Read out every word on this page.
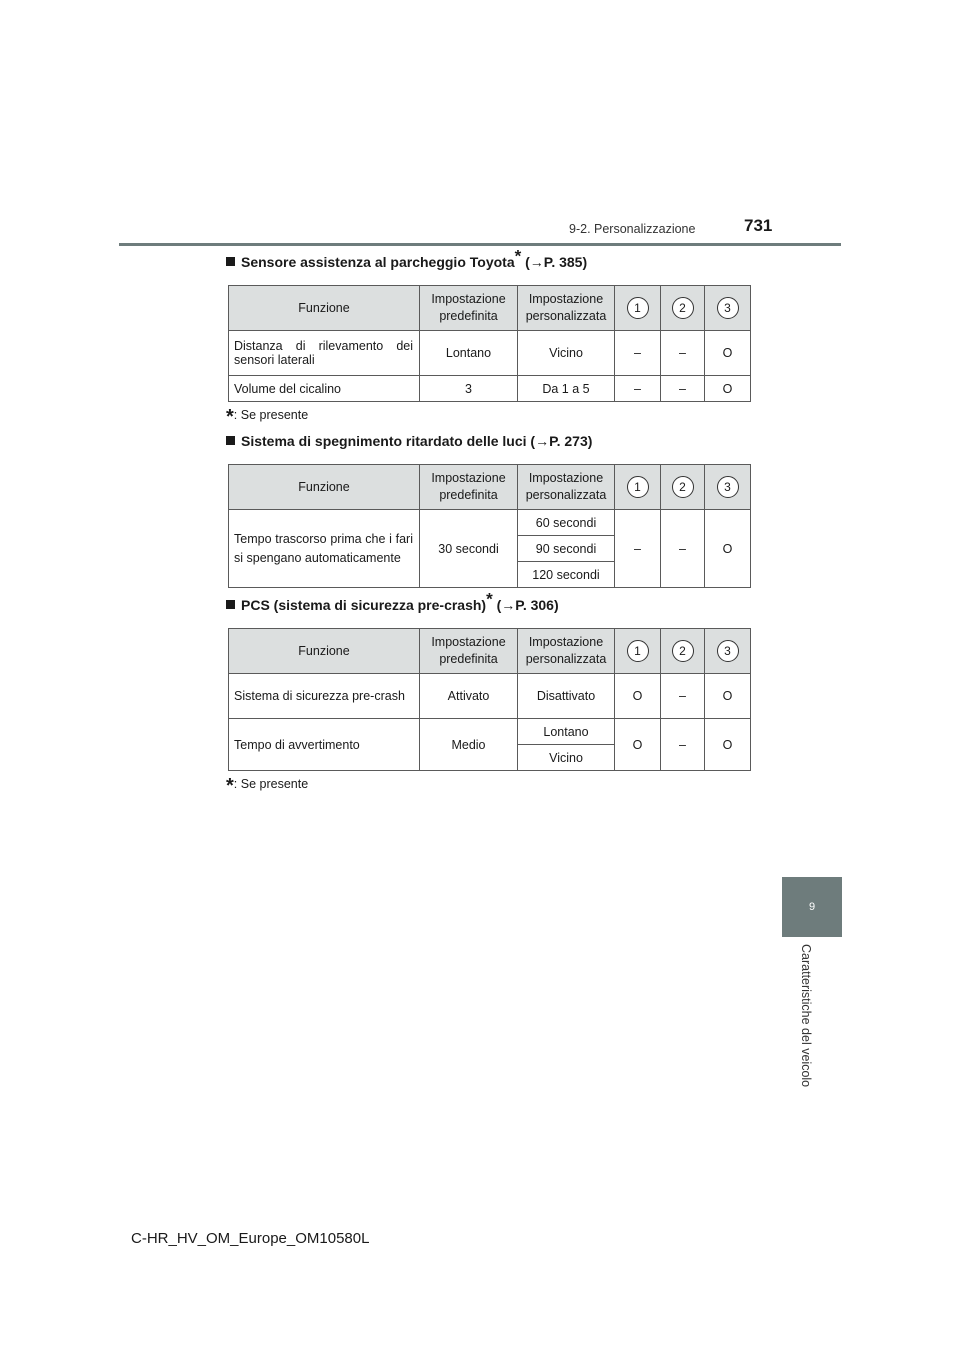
9-2. Personalizzazione	731
9
Caratteristiche del veicolo
Sensore assistenza al parcheggio Toyota* (→P. 385)
Funzione	Impostazione predefinita	Impostazione personalizzata	1	2	3
Distanza di rilevamento dei sensori laterali	Lontano	Vicino	–	–	O
Volume del cicalino	3	Da 1 a 5	–	–	O
*: Se presente
Sistema di spegnimento ritardato delle luci (→P. 273)
Funzione	Impostazione predefinita	Impostazione personalizzata	1	2	3
Tempo trascorso prima che i fari si spengano automaticamente	30 secondi	60 secondi	–	–	O
		90 secondi			
		120 secondi			
PCS (sistema di sicurezza pre-crash)* (→P. 306)
Funzione	Impostazione predefinita	Impostazione personalizzata	1	2	3
Sistema di sicurezza pre-crash	Attivato	Disattivato	O	–	O
Tempo di avvertimento	Medio	Lontano	O	–	O
		Vicino			
*: Se presente
C-HR_HV_OM_Europe_OM10580L
